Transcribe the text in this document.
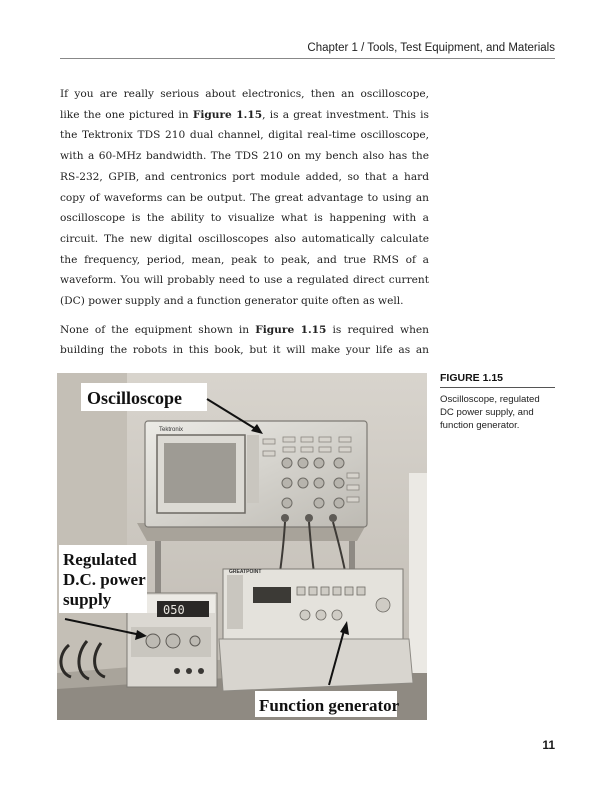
Chapter 1 / Tools, Test Equipment, and Materials

If you are really serious about electronics, then an oscilloscope,
like the one pictured in Figure 1.15, is a great investment. This is
the Tektronix TDS 210 dual channel, digital real-time oscilloscope,
with a 60-MHz bandwidth. The TDS 210 on my bench also has the
RS-232, GPIB, and centronics port module added, so that a hard
copy of waveforms can be output. The great advantage to using an
oscilloscope is the ability to visualize what is happening with a
circuit. The new digital oscilloscopes also automatically calculate
the frequency, period, mean, peak to peak, and true RMS of a
waveform. You will probably need to use a regulated direct current
(DC) power supply and a function generator quite often as well.

None of the equipment shown in Figure 1.15 is required when
building the robots in this book, but it will make your life as an

Tektronix
Oscilloscope
GREATPOINT
Function generator
050
Regulated
D.C. power
supply
FIGURE 1.15
Oscilloscope, regulated DC power supply, and function generator.
11
